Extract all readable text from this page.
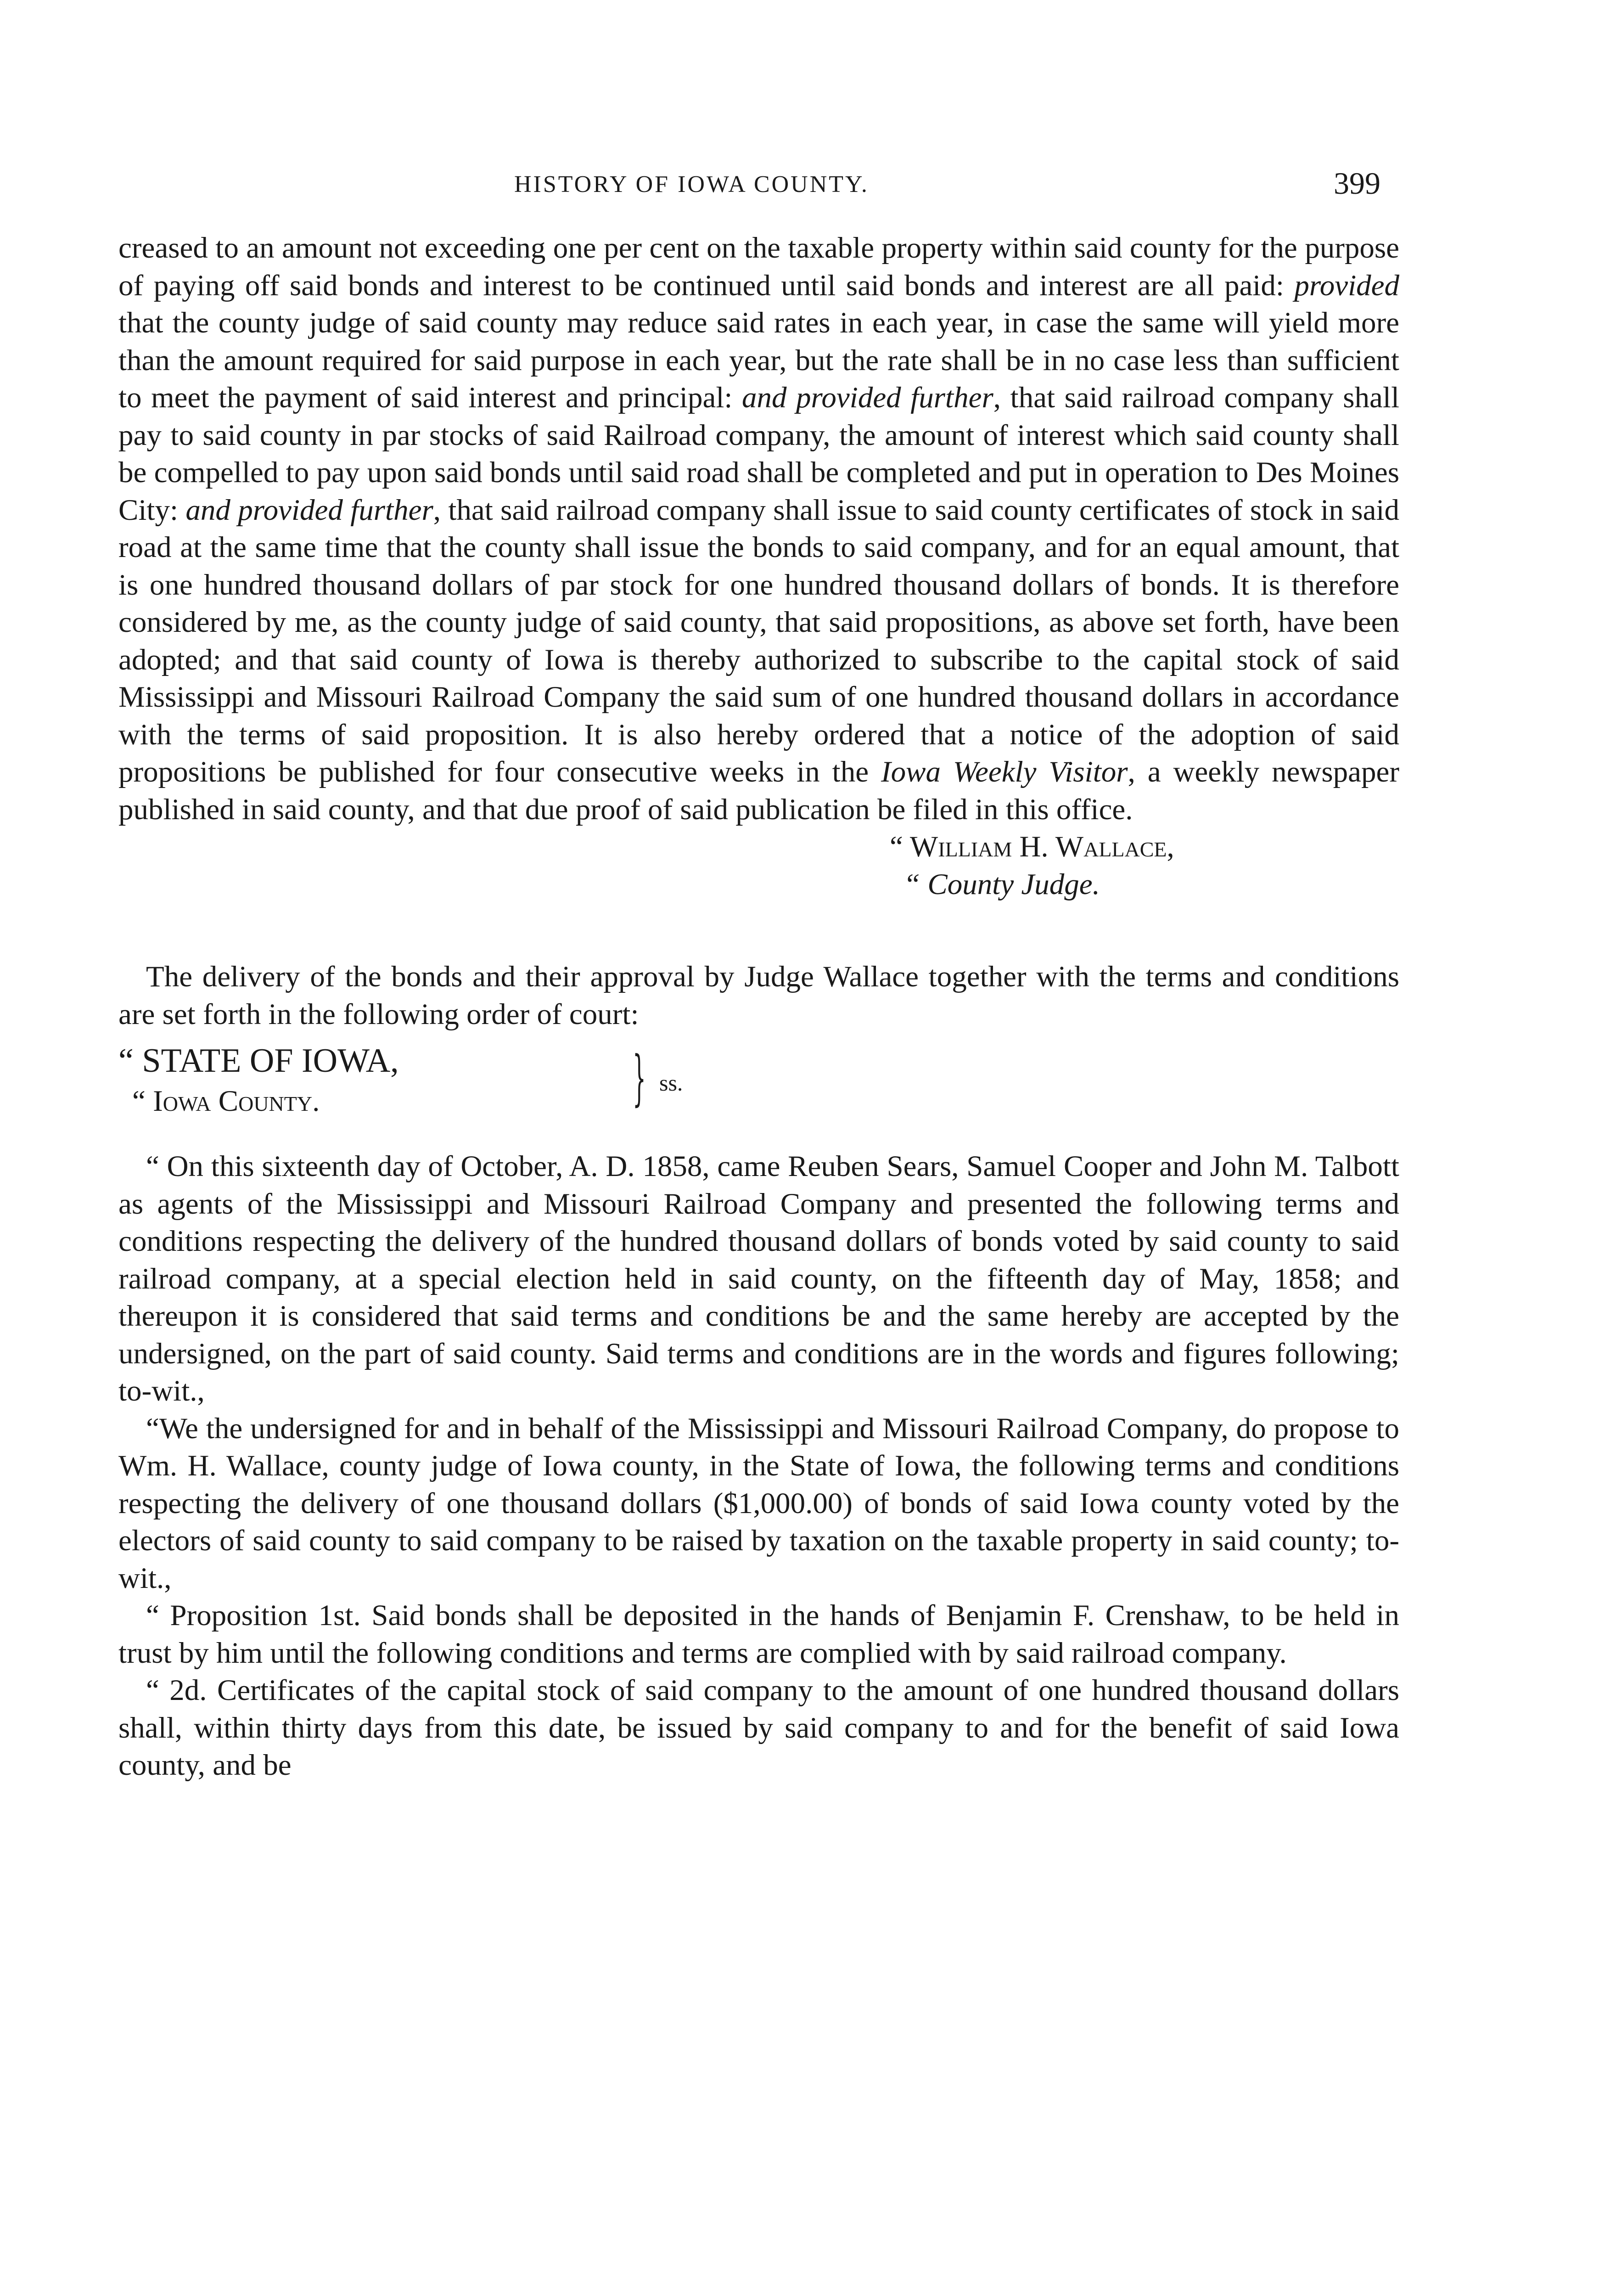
HISTORY OF IOWA COUNTY.	399

creased to an amount not exceeding one per cent on the taxable property within said county for the purpose of paying off said bonds and interest to be continued until said bonds and interest are all paid: provided that the county judge of said county may reduce said rates in each year, in case the same will yield more than the amount required for said purpose in each year, but the rate shall be in no case less than sufficient to meet the payment of said interest and principal: and provided further, that said railroad company shall pay to said county in par stocks of said Railroad company, the amount of interest which said county shall be compelled to pay upon said bonds until said road shall be completed and put in operation to Des Moines City: and provided further, that said railroad company shall issue to said county certificates of stock in said road at the same time that the county shall issue the bonds to said company, and for an equal amount, that is one hundred thousand dollars of par stock for one hundred thousand dollars of bonds. It is therefore considered by me, as the county judge of said county, that said propositions, as above set forth, have been adopted; and that said county of Iowa is thereby authorized to subscribe to the capital stock of said Mississippi and Missouri Railroad Company the said sum of one hundred thousand dollars in accordance with the terms of said proposition. It is also hereby ordered that a notice of the adoption of said propositions be published for four consecutive weeks in the Iowa Weekly Visitor, a weekly newspaper published in said county, and that due proof of said publication be filed in this office.

“ William H. Wallace,
“ County Judge.

The delivery of the bonds and their approval by Judge Wallace together with the terms and conditions are set forth in the following order of court:

“ STATE OF IOWA,
“ Iowa County.	} ss.

“ On this sixteenth day of October, A. D. 1858, came Reuben Sears, Samuel Cooper and John M. Talbott as agents of the Mississippi and Missouri Railroad Company and presented the following terms and conditions respecting the delivery of the hundred thousand dollars of bonds voted by said county to said railroad company, at a special election held in said county, on the fifteenth day of May, 1858; and thereupon it is considered that said terms and conditions be and the same hereby are accepted by the undersigned, on the part of said county. Said terms and conditions are in the words and figures following; to-wit.,

“We the undersigned for and in behalf of the Mississippi and Missouri Railroad Company, do propose to Wm. H. Wallace, county judge of Iowa county, in the State of Iowa, the following terms and conditions respecting the delivery of one thousand dollars ($1,000.00) of bonds of said Iowa county voted by the electors of said county to said company to be raised by taxation on the taxable property in said county; to-wit.,

“ Proposition 1st. Said bonds shall be deposited in the hands of Benjamin F. Crenshaw, to be held in trust by him until the following conditions and terms are complied with by said railroad company.

“ 2d. Certificates of the capital stock of said company to the amount of one hundred thousand dollars shall, within thirty days from this date, be issued by said company to and for the benefit of said Iowa county, and be
